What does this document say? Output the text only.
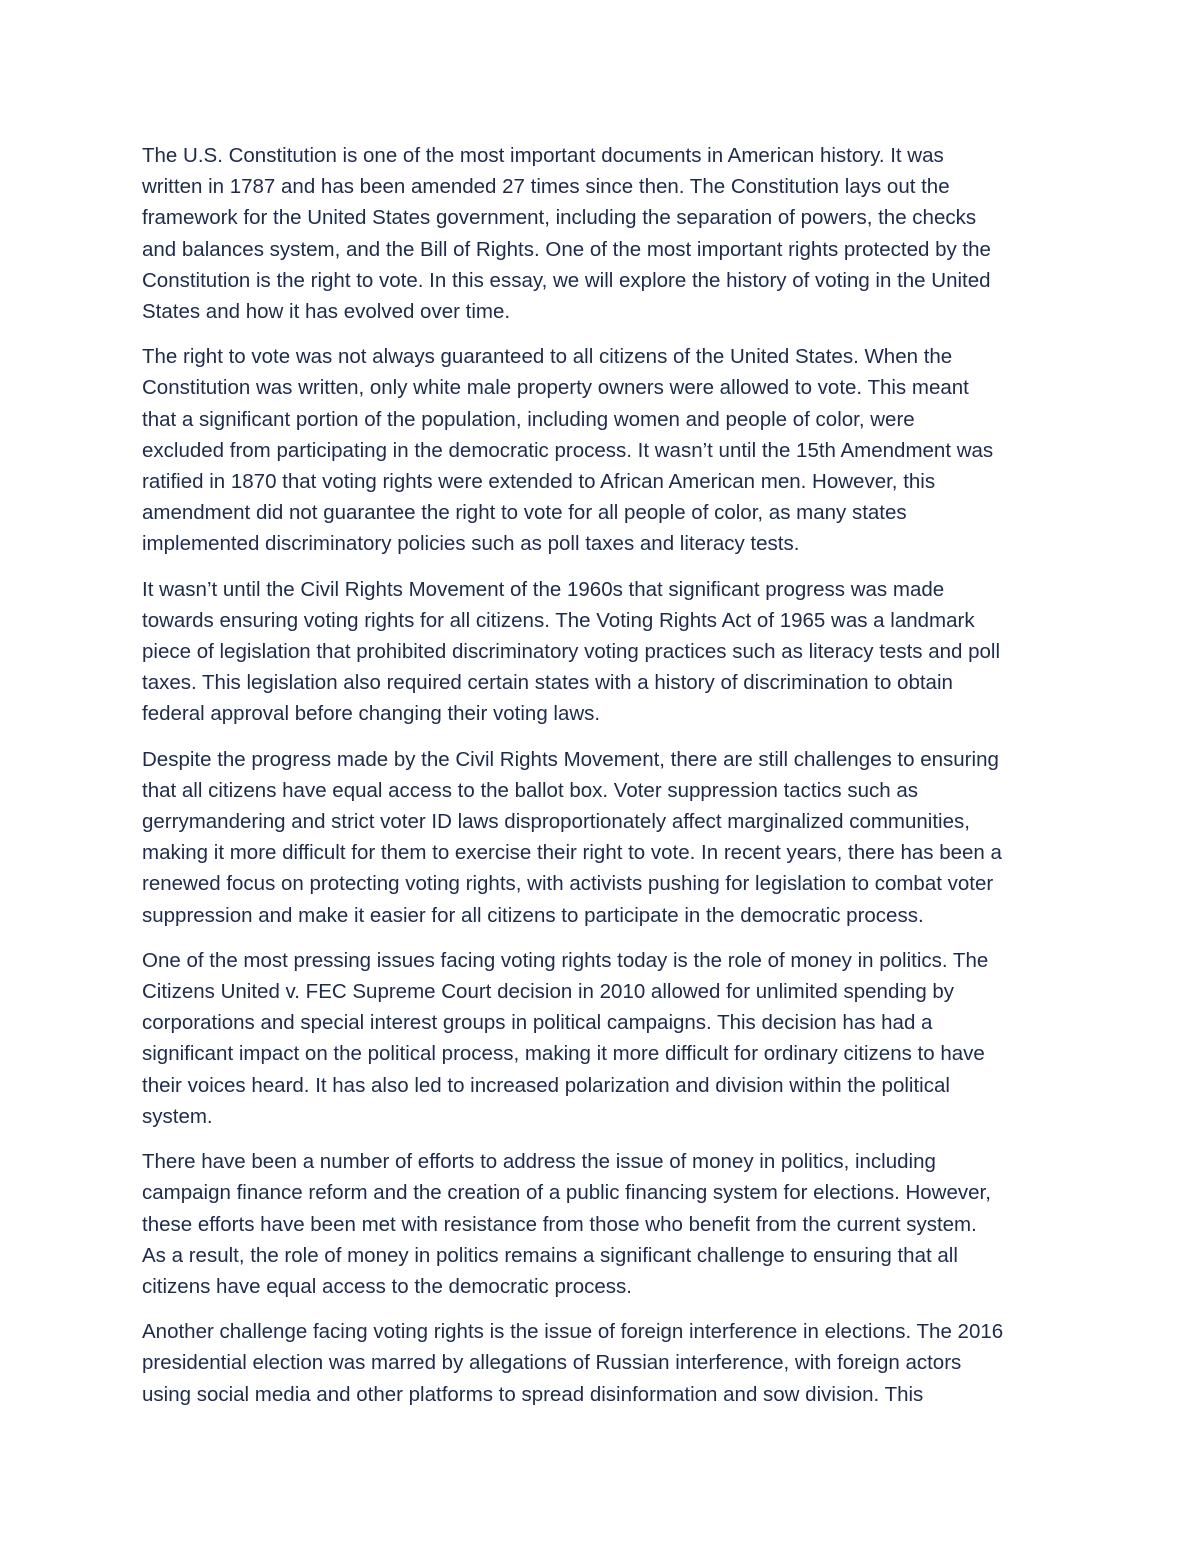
The U.S. Constitution is one of the most important documents in American history. It was
written in 1787 and has been amended 27 times since then. The Constitution lays out the
framework for the United States government, including the separation of powers, the checks
and balances system, and the Bill of Rights. One of the most important rights protected by the
Constitution is the right to vote. In this essay, we will explore the history of voting in the United
States and how it has evolved over time.

The right to vote was not always guaranteed to all citizens of the United States. When the
Constitution was written, only white male property owners were allowed to vote. This meant
that a significant portion of the population, including women and people of color, were
excluded from participating in the democratic process. It wasn’t until the 15th Amendment was
ratified in 1870 that voting rights were extended to African American men. However, this
amendment did not guarantee the right to vote for all people of color, as many states
implemented discriminatory policies such as poll taxes and literacy tests.

It wasn’t until the Civil Rights Movement of the 1960s that significant progress was made
towards ensuring voting rights for all citizens. The Voting Rights Act of 1965 was a landmark
piece of legislation that prohibited discriminatory voting practices such as literacy tests and poll
taxes. This legislation also required certain states with a history of discrimination to obtain
federal approval before changing their voting laws.

Despite the progress made by the Civil Rights Movement, there are still challenges to ensuring
that all citizens have equal access to the ballot box. Voter suppression tactics such as
gerrymandering and strict voter ID laws disproportionately affect marginalized communities,
making it more difficult for them to exercise their right to vote. In recent years, there has been a
renewed focus on protecting voting rights, with activists pushing for legislation to combat voter
suppression and make it easier for all citizens to participate in the democratic process.

One of the most pressing issues facing voting rights today is the role of money in politics. The
Citizens United v. FEC Supreme Court decision in 2010 allowed for unlimited spending by
corporations and special interest groups in political campaigns. This decision has had a
significant impact on the political process, making it more difficult for ordinary citizens to have
their voices heard. It has also led to increased polarization and division within the political
system.

There have been a number of efforts to address the issue of money in politics, including
campaign finance reform and the creation of a public financing system for elections. However,
these efforts have been met with resistance from those who benefit from the current system.
As a result, the role of money in politics remains a significant challenge to ensuring that all
citizens have equal access to the democratic process.

Another challenge facing voting rights is the issue of foreign interference in elections. The 2016
presidential election was marred by allegations of Russian interference, with foreign actors
using social media and other platforms to spread disinformation and sow division. This
